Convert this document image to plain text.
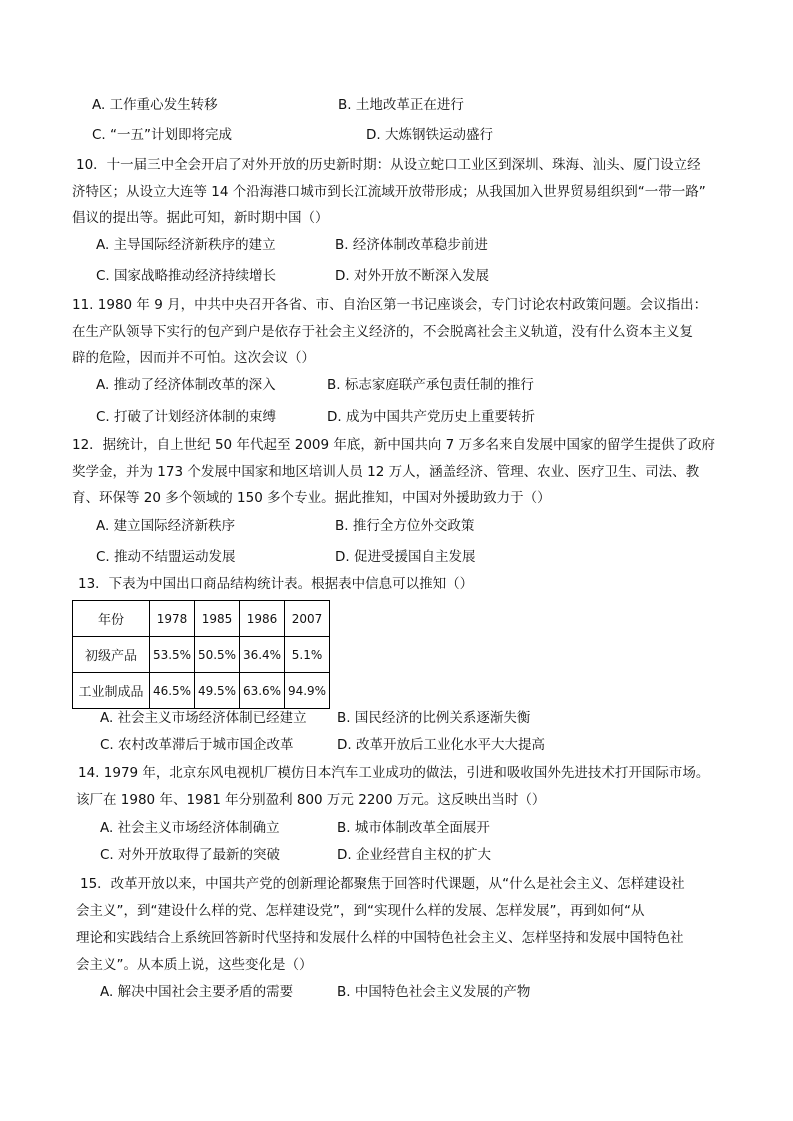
A. 工作重心发生转移	B. 土地改革正在进行
C. “一五”计划即将完成	D. 大炼钢铁运动盛行
10．十一届三中全会开启了对外开放的历史新时期：从设立蛇口工业区到深圳、珠海、汕头、厦门设立经
济特区；从设立大连等 14 个沿海港口城市到长江流域开放带形成；从我国加入世界贸易组织到“一带一路”
倡议的提出等。据此可知，新时期中国（）
A. 主导国际经济新秩序的建立	B. 经济体制改革稳步前进
C. 国家战略推动经济持续增长	D. 对外开放不断深入发展
11. 1980 年 9 月，中共中央召开各省、市、自治区第一书记座谈会，专门讨论农村政策问题。会议指出：
在生产队领导下实行的包产到户是依存于社会主义经济的，不会脱离社会主义轨道，没有什么资本主义复
辟的危险，因而并不可怕。这次会议（）
A. 推动了经济体制改革的深入	B. 标志家庭联产承包责任制的推行
C. 打破了计划经济体制的束缚	D. 成为中国共产党历史上重要转折
12．据统计，自上世纪 50 年代起至 2009 年底，新中国共向 7 万多名来自发展中国家的留学生提供了政府
奖学金，并为 173 个发展中国家和地区培训人员 12 万人，涵盖经济、管理、农业、医疗卫生、司法、教
育、环保等 20 多个领域的 150 多个专业。据此推知，中国对外援助致力于（）
A. 建立国际经济新秩序	B. 推行全方位外交政策
C. 推动不结盟运动发展	D. 促进受援国自主发展
13．下表为中国出口商品结构统计表。根据表中信息可以推知（）
年份	1978	1985	1986	2007
初级产品	53.5%	50.5%	36.4%	5.1%
工业制成品	46.5%	49.5%	63.6%	94.9%
A. 社会主义市场经济体制已经建立 B. 国民经济的比例关系逐渐失衡
C. 农村改革滞后于城市国企改革	D. 改革开放后工业化水平大大提高
14. 1979 年，北京东风电视机厂模仿日本汽车工业成功的做法，引进和吸收国外先进技术打开国际市场。
该厂在 1980 年、1981 年分别盈利 800 万元 2200 万元。这反映出当时（）
A. 社会主义市场经济体制确立	B. 城市体制改革全面展开
C. 对外开放取得了最新的突破	D. 企业经营自主权的扩大
15．改革开放以来，中国共产党的创新理论都聚焦于回答时代课题，从“什么是社会主义、怎样建设社
会主义”，到“建设什么样的党、怎样建设党”，到“实现什么样的发展、怎样发展”，再到如何“从
理论和实践结合上系统回答新时代坚持和发展什么样的中国特色社会主义、怎样坚持和发展中国特色社
会主义”。从本质上说，这些变化是（）
A. 解决中国社会主要矛盾的需要	B. 中国特色社会主义发展的产物
